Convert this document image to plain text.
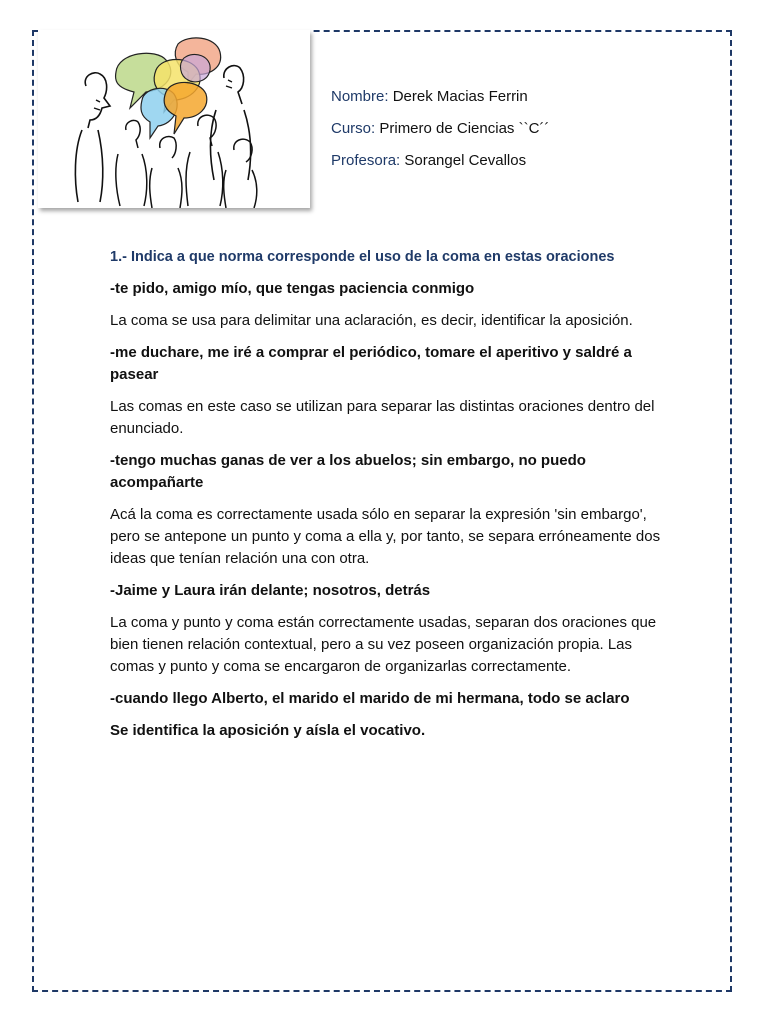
Nombre: Derek Macias Ferrin
Curso: Primero de Ciencias ``C´´
Profesora: Sorangel Cevallos

1.- Indica a que norma corresponde el uso de la coma en estas oraciones

-te pido, amigo mío, que tengas paciencia conmigo

La coma se usa para delimitar una aclaración, es decir, identificar la aposición.

-me duchare, me iré a comprar el periódico, tomare el aperitivo y saldré a pasear

Las comas en este caso se utilizan para separar las distintas oraciones dentro del enunciado.

-tengo muchas ganas de ver a los abuelos; sin embargo, no puedo acompañarte

Acá la coma es correctamente usada sólo en separar la expresión 'sin embargo', pero se antepone un punto y coma a ella y, por tanto, se separa erróneamente dos ideas que tenían relación una con otra.

-Jaime y Laura irán delante; nosotros, detrás

La coma y punto y coma están correctamente usadas, separan dos oraciones que bien tienen relación contextual, pero a su vez poseen organización propia. Las comas y punto y coma se encargaron de organizarlas correctamente.

-cuando llego Alberto, el marido el marido de mi hermana, todo se aclaro

Se identifica la aposición y aísla el vocativo.
